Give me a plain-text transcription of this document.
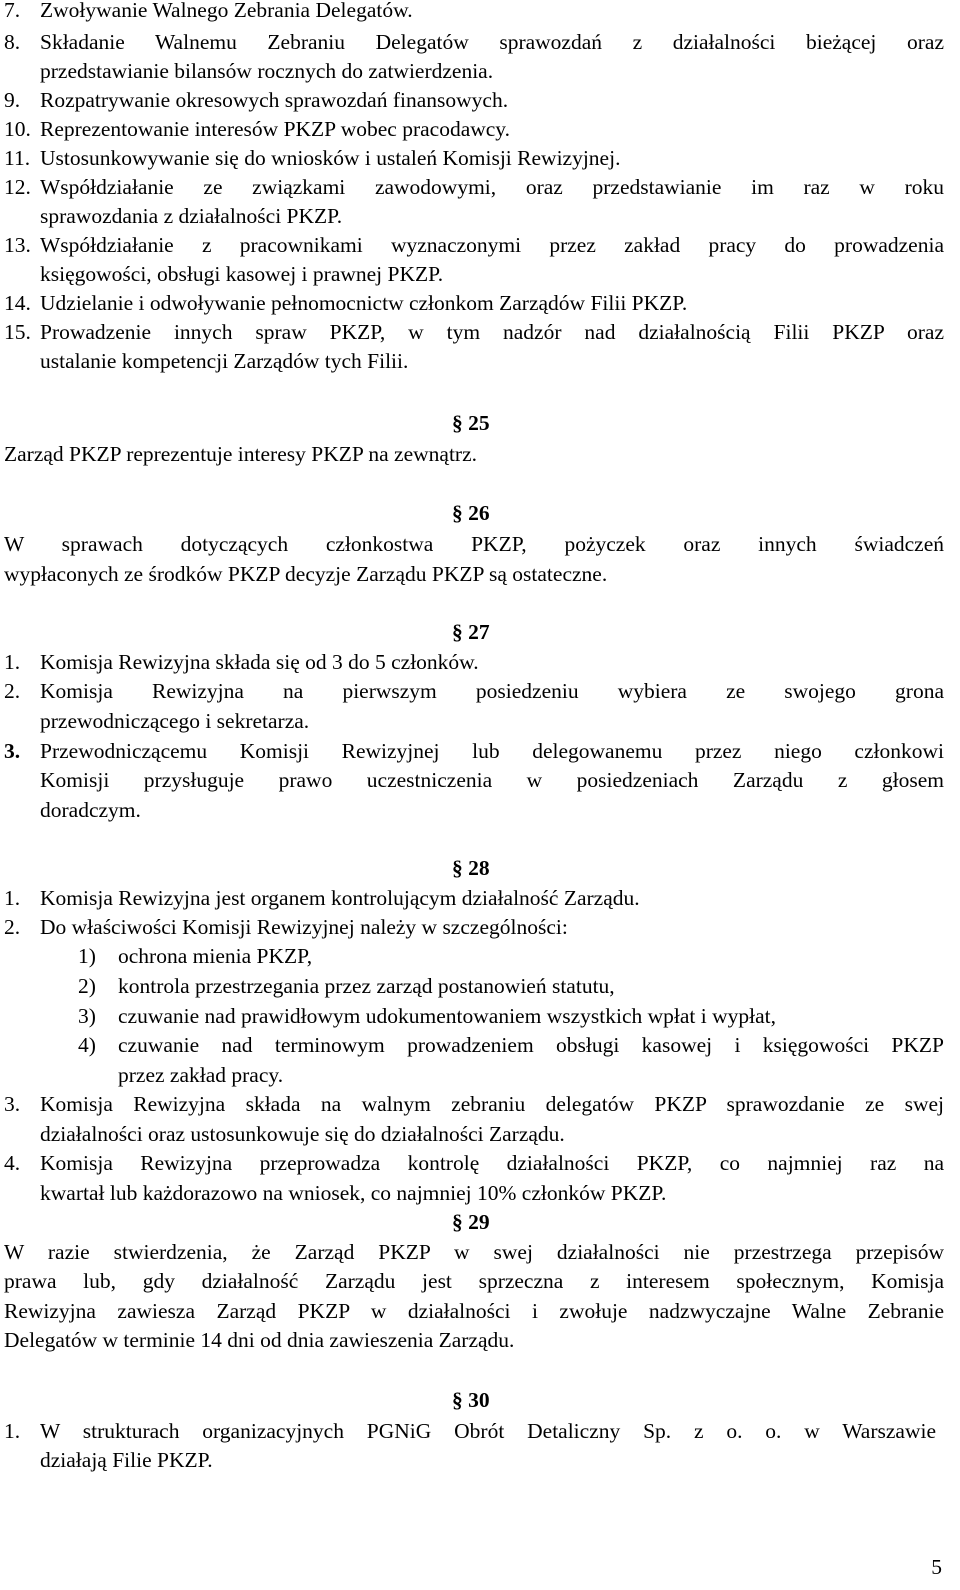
7. Zwoływanie Walnego Zebrania Delegatów.
8. Składanie Walnemu Zebraniu Delegatów sprawozdań z działalności bieżącej oraz
przedstawianie bilansów rocznych do zatwierdzenia.
9. Rozpatrywanie okresowych sprawozdań finansowych.
10. Reprezentowanie interesów PKZP wobec pracodawcy.
11. Ustosunkowywanie się do wniosków i ustaleń Komisji Rewizyjnej.
12. Współdziałanie ze związkami zawodowymi, oraz przedstawianie im raz w roku
sprawozdania z działalności PKZP.
13. Współdziałanie z pracownikami wyznaczonymi przez zakład pracy do prowadzenia
księgowości, obsługi kasowej i prawnej PKZP.
14. Udzielanie i odwoływanie pełnomocnictw członkom Zarządów Filii PKZP.
15. Prowadzenie innych spraw PKZP, w tym nadzór nad działalnością Filii PKZP oraz
ustalanie kompetencji Zarządów tych Filii.
§ 25
Zarząd PKZP reprezentuje interesy PKZP na zewnątrz.
§ 26
W sprawach dotyczących członkostwa PKZP, pożyczek oraz innych świadczeń
wypłaconych ze środków PKZP decyzje Zarządu PKZP są ostateczne.
§ 27
1. Komisja Rewizyjna składa się od 3 do 5 członków.
2. Komisja Rewizyjna na pierwszym posiedzeniu wybiera ze swojego grona
przewodniczącego i sekretarza.
3. Przewodniczącemu Komisji Rewizyjnej lub delegowanemu przez niego członkowi
Komisji przysługuje prawo uczestniczenia w posiedzeniach Zarządu z głosem
doradczym.
§ 28
1. Komisja Rewizyjna jest organem kontrolującym działalność Zarządu.
2. Do właściwości Komisji Rewizyjnej należy w szczególności:
1) ochrona mienia PKZP,
2) kontrola przestrzegania przez zarząd postanowień statutu,
3) czuwanie nad prawidłowym udokumentowaniem wszystkich wpłat i wypłat,
4) czuwanie nad terminowym prowadzeniem obsługi kasowej i księgowości PKZP
przez zakład pracy.
3. Komisja Rewizyjna składa na walnym zebraniu delegatów PKZP sprawozdanie ze swej
działalności oraz ustosunkowuje się do działalności Zarządu.
4. Komisja Rewizyjna przeprowadza kontrolę działalności PKZP, co najmniej raz na
kwartał lub każdorazowo na wniosek, co najmniej 10% członków PKZP.
§ 29
W razie stwierdzenia, że Zarząd PKZP w swej działalności nie przestrzega przepisów
prawa lub, gdy działalność Zarządu jest sprzeczna z interesem społecznym, Komisja
Rewizyjna zawiesza Zarząd PKZP w działalności i zwołuje nadzwyczajne Walne Zebranie
Delegatów w terminie 14 dni od dnia zawieszenia Zarządu.
§ 30
1. W strukturach organizacyjnych PGNiG Obrót Detaliczny Sp. z o. o. w Warszawie
działają Filie PKZP.
5
